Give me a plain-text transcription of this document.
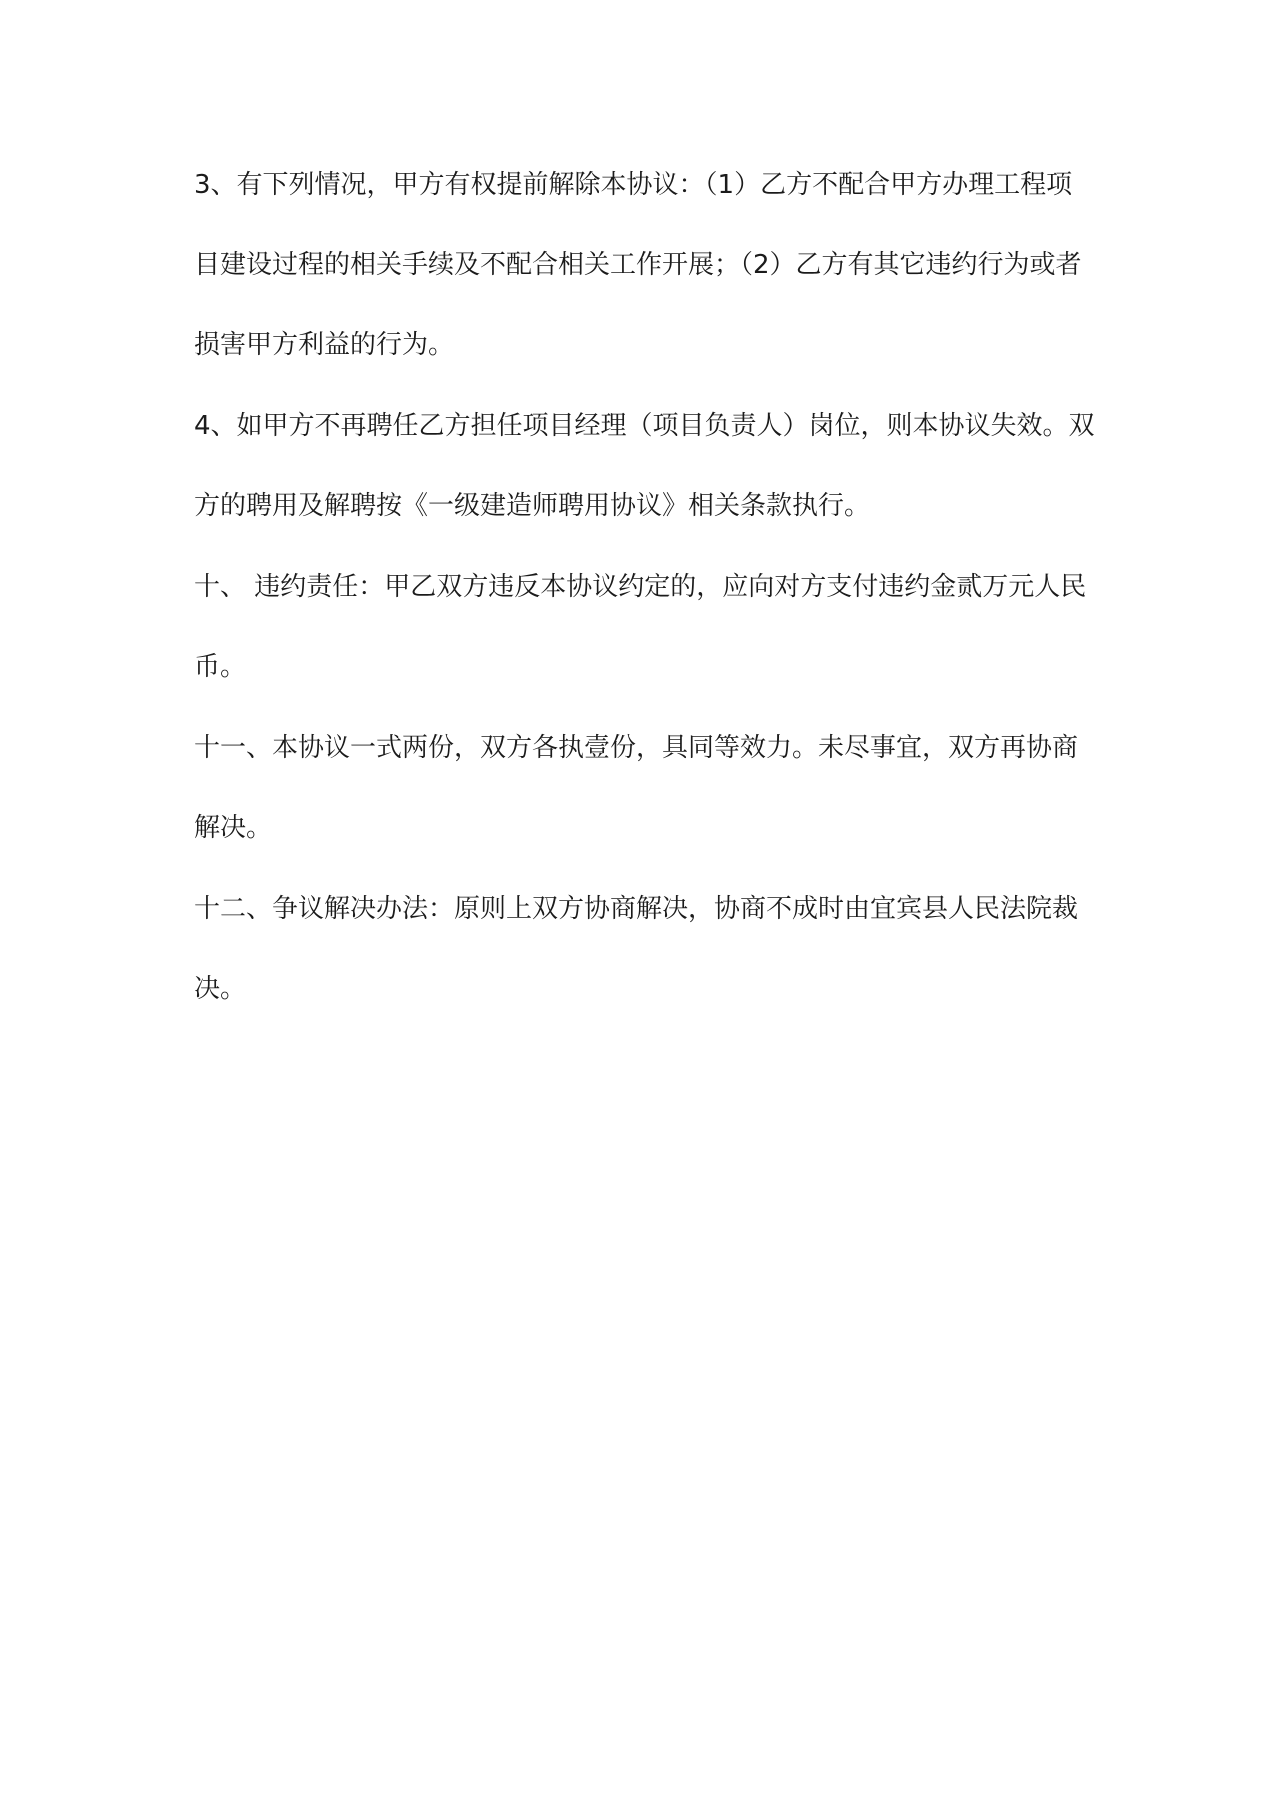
3、有下列情况，甲方有权提前解除本协议：（1）乙方不配合甲方办理工程项
目建设过程的相关手续及不配合相关工作开展；（2）乙方有其它违约行为或者
损害甲方利益的行为。
4、如甲方不再聘任乙方担任项目经理（项目负责人）岗位，则本协议失效。双
方的聘用及解聘按《一级建造师聘用协议》相关条款执行。
十、 违约责任：甲乙双方违反本协议约定的，应向对方支付违约金贰万元人民
币。
十一、本协议一式两份，双方各执壹份，具同等效力。未尽事宜，双方再协商
解决。
十二、争议解决办法：原则上双方协商解决，协商不成时由宜宾县人民法院裁
决。
